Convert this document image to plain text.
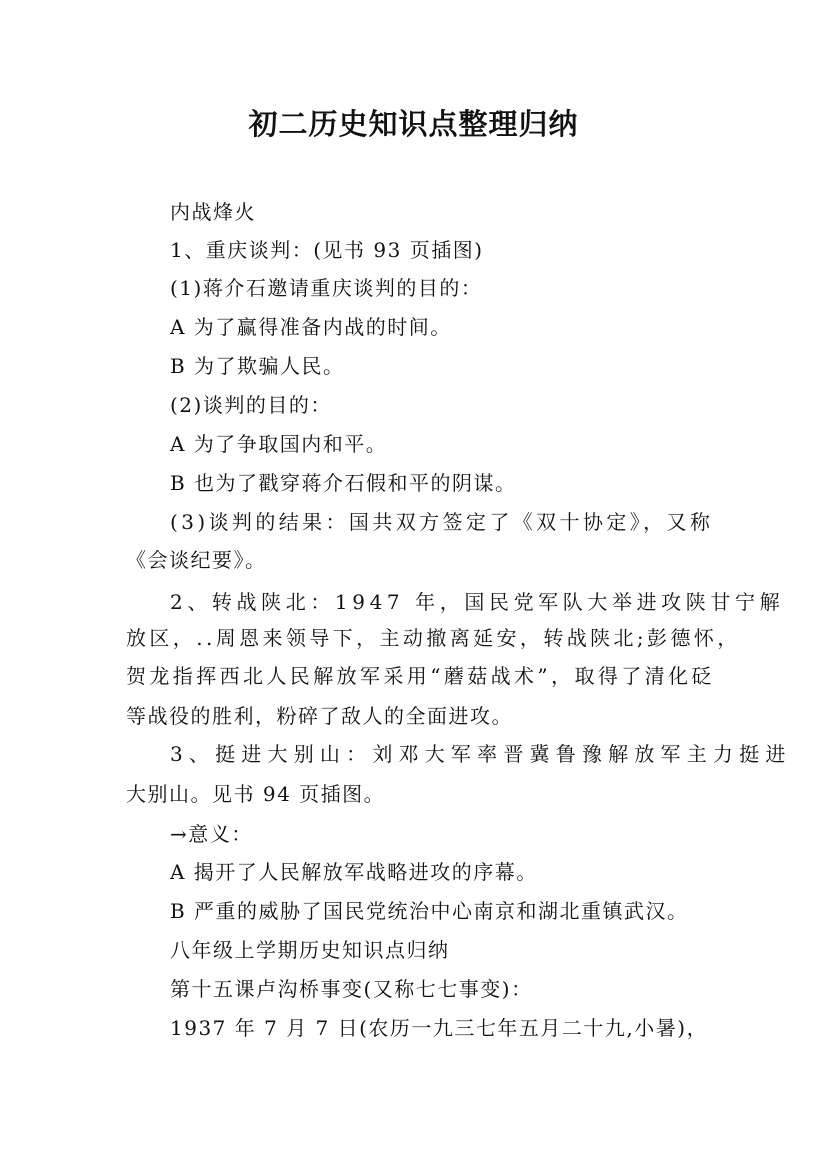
初二历史知识点整理归纳

内战烽火

1、重庆谈判：(见书 93 页插图)

(1)蒋介石邀请重庆谈判的目的：

A 为了赢得准备内战的时间。

B 为了欺骗人民。

(2)谈判的目的：

A 为了争取国内和平。

B 也为了戳穿蒋介石假和平的阴谋。

(3)谈判的结果：国共双方签定了《双十协定》，又称

《会谈纪要》。

2、转战陕北：1947 年，国民党军队大举进攻陕甘宁解

放区，..周恩来领导下，主动撤离延安，转战陕北;彭德怀，

贺龙指挥西北人民解放军采用“蘑菇战术”，取得了清化砭

等战役的胜利，粉碎了敌人的全面进攻。

3、挺进大别山：刘邓大军率晋冀鲁豫解放军主力挺进

大别山。见书 94 页插图。

→意义：

A 揭开了人民解放军战略进攻的序幕。

B 严重的威胁了国民党统治中心南京和湖北重镇武汉。

八年级上学期历史知识点归纳

第十五课卢沟桥事变(又称七七事变)：

1937 年 7 月 7 日(农历一九三七年五月二十九,小暑)，
